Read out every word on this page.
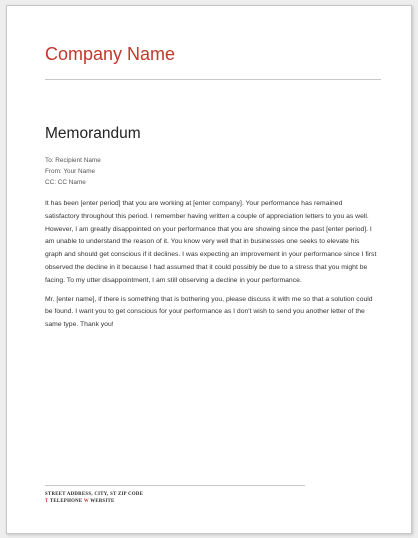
Company Name
Memorandum
To: Recipient Name
From: Your Name
CC: CC Name

It has been [enter period] that you are working at [enter company]. Your performance has remained satisfactory throughout this period. I remember having written a couple of appreciation letters to you as well. However, I am greatly disappointed on your performance that you are showing since the past [enter period]. I am unable to understand the reason of it. You know very well that in businesses one seeks to elevate his graph and should get conscious if it declines. I was expecting an improvement in your performance since I first observed the decline in it because I had assumed that it could possibly be due to a stress that you might be facing. To my utter disappointment, I am still observing a decline in your performance.

Mr. [enter name], if there is something that is bothering you, please discuss it with me so that a solution could be found. I want you to get conscious for your performance as I don't wish to send you another letter of the same type. Thank you!

STREET ADDRESS, CITY, ST ZIP CODE
T TELEPHONE W WEBSITE
